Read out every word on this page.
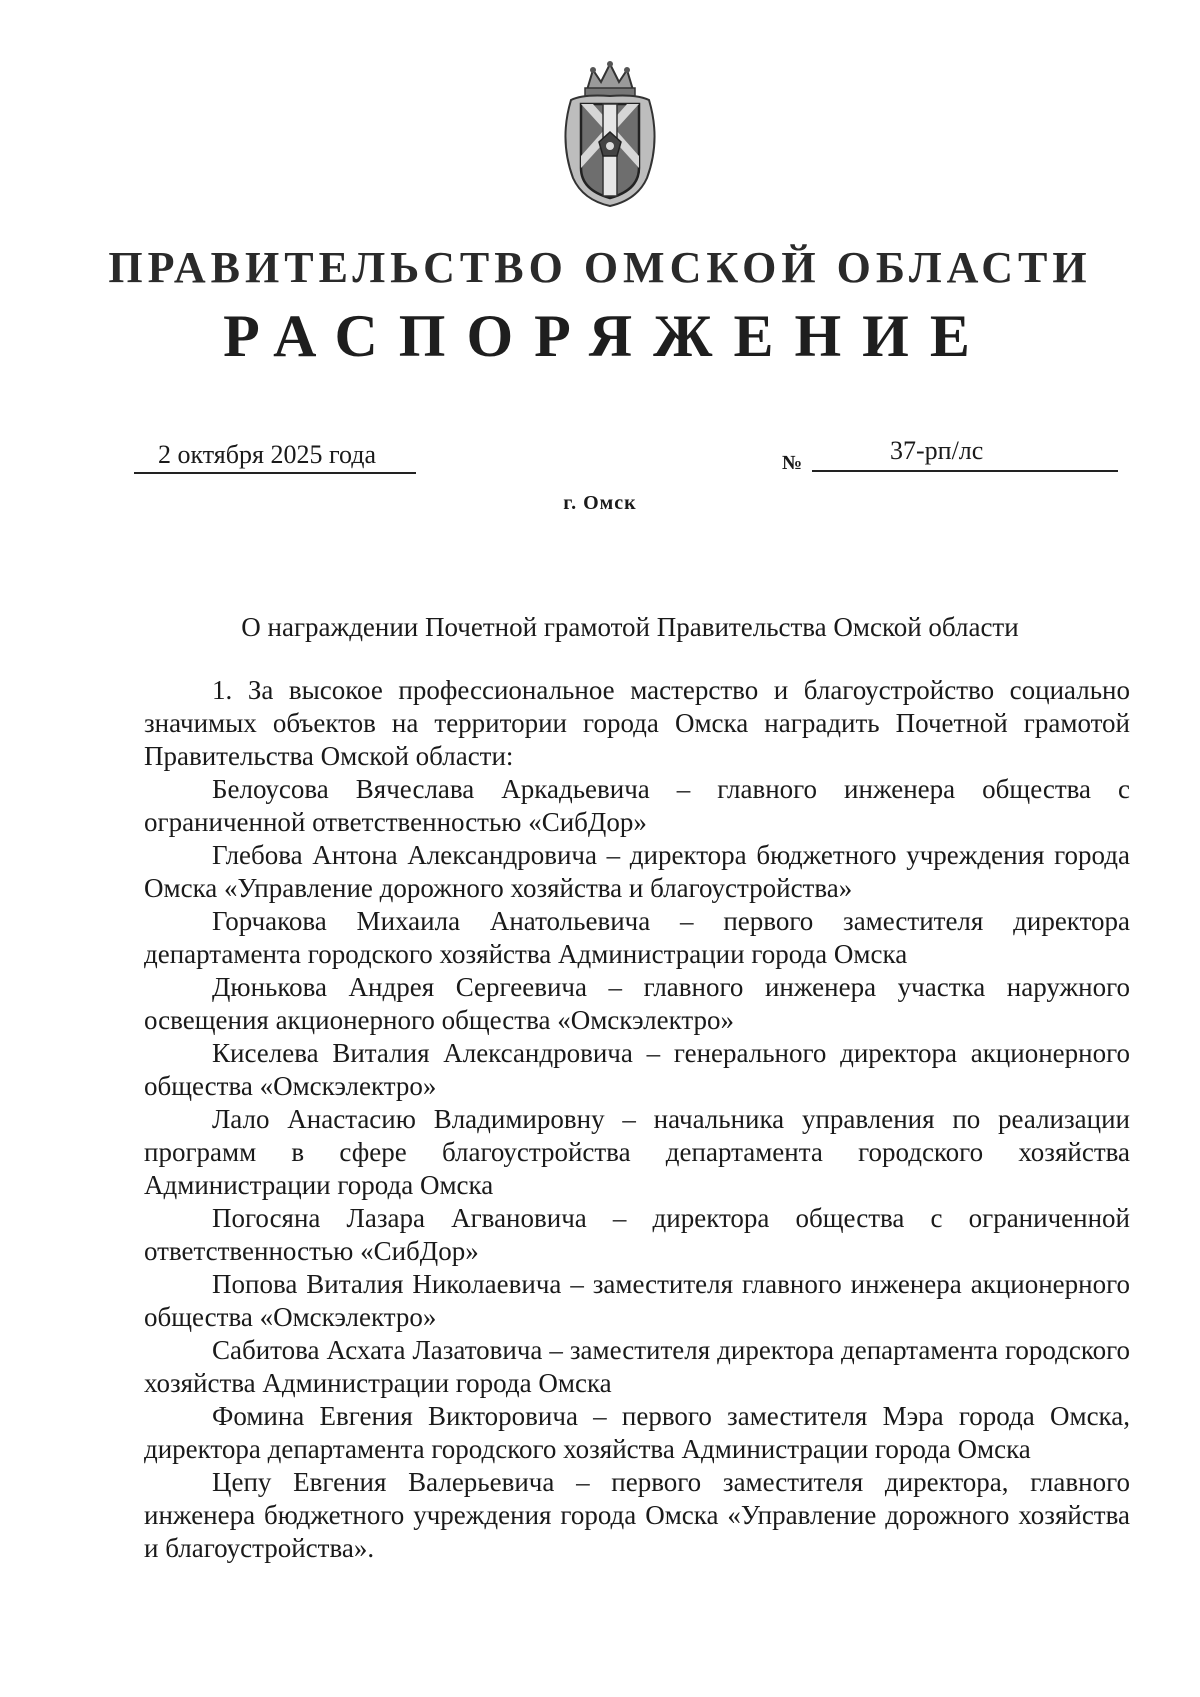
ПРАВИТЕЛЬСТВО ОМСКОЙ ОБЛАСТИ
РАСПОРЯЖЕНИЕ
2 октября 2025 года	№	37-рп/лс
г. Омск
О награждении Почетной грамотой Правительства Омской области

1. За высокое профессиональное мастерство и благоустройство социально значимых объектов на территории города Омска наградить Почетной грамотой Правительства Омской области:

Белоусова Вячеслава Аркадьевича – главного инженера общества с ограниченной ответственностью «СибДор»

Глебова Антона Александровича – директора бюджетного учреждения города Омска «Управление дорожного хозяйства и благоустройства»

Горчакова Михаила Анатольевича – первого заместителя директора департамента городского хозяйства Администрации города Омска

Дюнькова Андрея Сергеевича – главного инженера участка наружного освещения акционерного общества «Омскэлектро»

Киселева Виталия Александровича – генерального директора акционерного общества «Омскэлектро»

Лало Анастасию Владимировну – начальника управления по реализации программ в сфере благоустройства департамента городского хозяйства Администрации города Омска

Погосяна Лазара Агвановича – директора общества с ограниченной ответственностью «СибДор»

Попова Виталия Николаевича – заместителя главного инженера акционерного общества «Омскэлектро»

Сабитова Асхата Лазатовича – заместителя директора департамента городского хозяйства Администрации города Омска

Фомина Евгения Викторовича – первого заместителя Мэра города Омска, директора департамента городского хозяйства Администрации города Омска

Цепу Евгения Валерьевича – первого заместителя директора, главного инженера бюджетного учреждения города Омска «Управление дорожного хозяйства и благоустройства».
